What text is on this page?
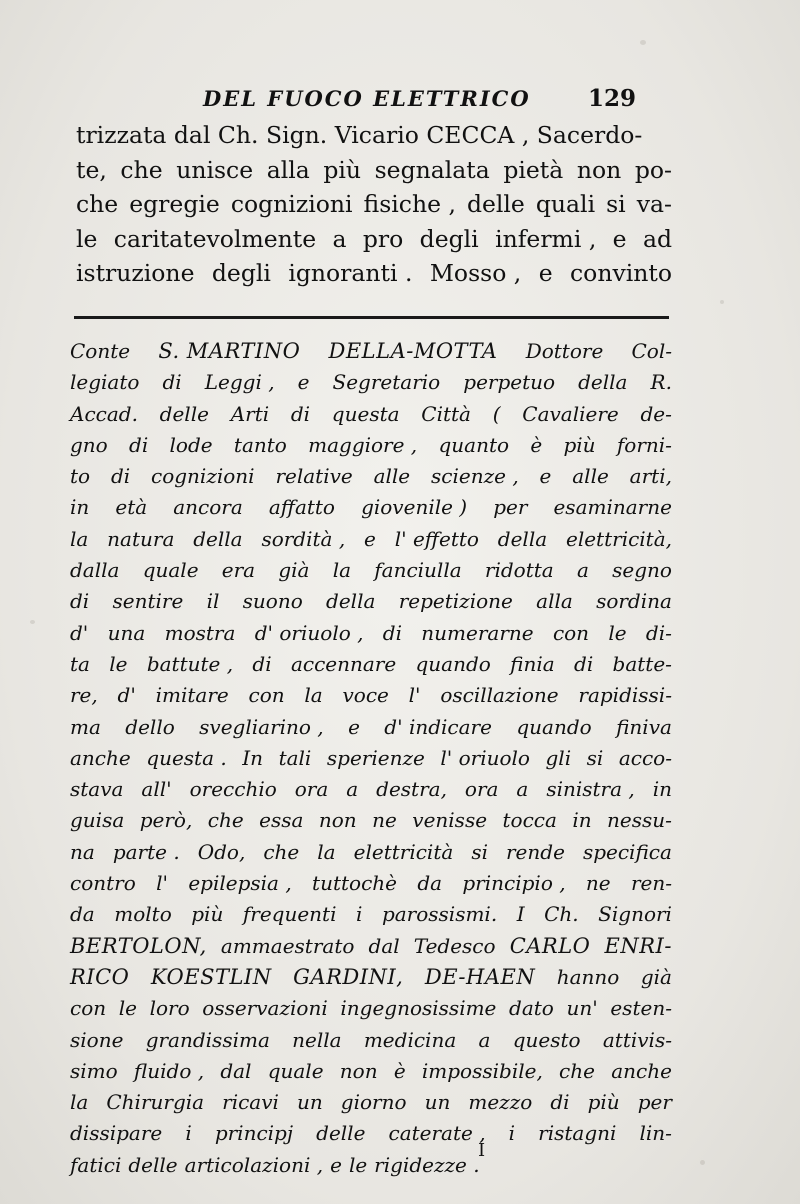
DEL FUOCO ELETTRICO 129
trizzata dal Ch. Sign. Vicario CECCA , Sacerdo-
te, che unisce alla più segnalata pietà non po-
che egregie cognizioni fisiche , delle quali si va-
le caritatevolmente a pro degli infermi , e ad
istruzione degli ignoranti . Mosso , e convinto
Conte S. MARTINO DELLA-MOTTA Dottore Col-
legiato di Leggi , e Segretario perpetuo della R.
Accad. delle Arti di questa Città ( Cavaliere de-
gno di lode tanto maggiore , quanto è più forni-
to di cognizioni relative alle scienze , e alle arti,
in età ancora affatto giovenile ) per esaminarne
la natura della sordità , e l' effetto della elettricità,
dalla quale era già la fanciulla ridotta a segno
di sentire il suono della repetizione alla sordina
d' una mostra d' oriuolo , di numerarne con le di-
ta le battute , di accennare quando finia di batte-
re, d' imitare con la voce l' oscillazione rapidissi-
ma dello svegliarino , e d' indicare quando finiva
anche questa . In tali sperienze l' oriuolo gli si acco-
stava all' orecchio ora a destra, ora a sinistra , in
guisa però, che essa non ne venisse tocca in nessu-
na parte . Odo, che la elettricità si rende specifica
contro l' epilepsia , tuttochè da principio , ne ren-
da molto più frequenti i parossismi. I Ch. Signori
BERTOLON, ammaestrato dal Tedesco CARLO ENRI-
RICO KOESTLIN GARDINI, DE-HAEN hanno già
con le loro osservazioni ingegnosissime dato un' esten-
sione grandissima nella medicina a questo attivis-
simo fluido , dal quale non è impossibile, che anche
la Chirurgia ricavi un giorno un mezzo di più per
dissipare i principj delle caterate , i ristagni lin-
fatici delle articolazioni , e le rigidezze .
I
